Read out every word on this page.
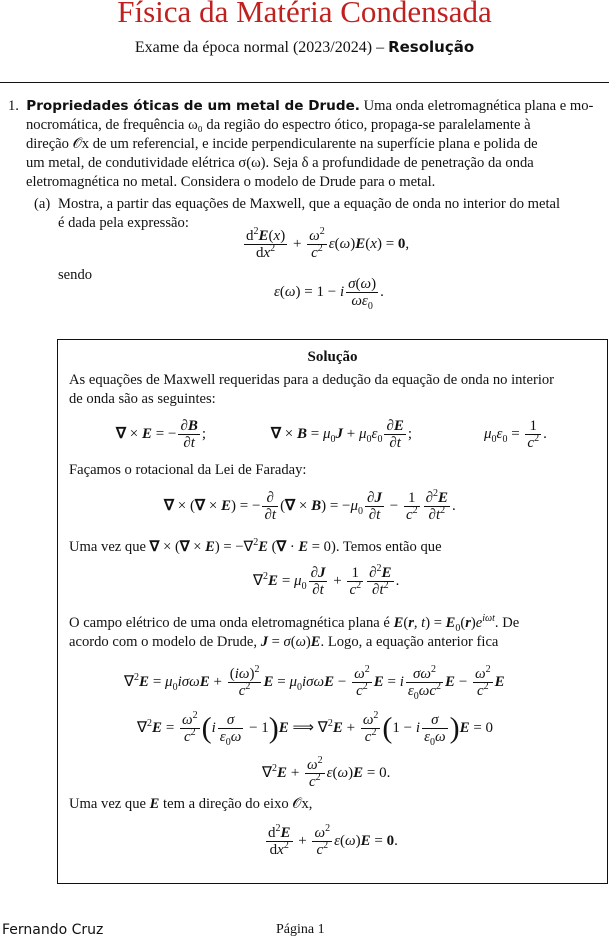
Física da Matéria Condensada
Exame da época normal (2023/2024) – Resolução
1. Propriedades óticas de um metal de Drude. Uma onda eletromagnética plana e mo-
nocromática, de frequência ω₀ da região do espectro ótico, propaga-se paralelamente à
direção 𝒪x de um referencial, e incide perpendicularente na superfície plana e polida de
um metal, de condutividade elétrica σ(ω). Seja δ a profundidade de penetração da onda
eletromagnética no metal. Considera o modelo de Drude para o metal.
(a) Mostra, a partir das equações de Maxwell, que a equação de onda no interior do metal
é dada pela expressão:
$\frac{d^2E(x)}{dx^2} + \frac{\omega^2}{c^2} \varepsilon(\omega)E(x) = 0$,
sendo
ε(ω) = 1 − i $\frac{\sigma(\omega)}{\omega\varepsilon_0}$ .
Solução
As equações de Maxwell requeridas para a dedução da equação de onda no interior
de onda são as seguintes:
∇ × E = − $\frac{\partial B}{\partial t}$ ;	∇ × $B = \mu_0J + \mu_0\varepsilon_0 \frac{\partial E}{\partial t}$ ;	$\mu_0\varepsilon_0 = \frac{1}{c^2}$ .
Façamos o rotacional da Lei de Faraday:
∇ × (∇ × E) = − $\frac{\partial}{\partial t}$ (∇ × $B) = -\mu_0 \frac{\partial J}{\partial t} - \frac{1}{c^2} \frac{\partial^2E}{\partial t^2}$ .
Uma vez que ∇ × (∇ × E) = −∇$^2$E (∇ · E = 0). Temos então que
$\nabla^2E = \mu_0 \frac{\partial J}{\partial t} + \frac{1}{c^2} \frac{\partial^2E}{\partial t^2}$ .
O campo elétrico de uma onda eletromagnética plana é E(r, $t) = E_0(r)e^{i\omega t}$. De
acordo com o modelo de Drude, J = σ(ω)E. Logo, a equação anterior fica
$\nabla^2E = \mu_0i\sigma\omega E + \frac{(i\omega)^2}{c^2}$ $E = \mu_0i\sigma\omega E - \frac{\omega^2}{c^2}$ E = i $\frac{\sigma\omega^2}{\varepsilon_0\omega c^2}$ $E - \frac{\omega^2}{c^2}$ E
$\nabla^2E = \frac{\omega^2}{c^2} (i \frac{\sigma}{\varepsilon_0\omega} - 1)E$ ⟹ $\nabla^2E + \frac{\omega^2}{c^2} (1 - i \frac{\sigma}{\varepsilon_0\omega} )E = 0$
$\nabla^2E + \frac{\omega^2}{c^2} \varepsilon(\omega)E = 0$.
Uma vez que E tem a direção do eixo 𝒪x,
$\frac{d^2E}{dx^2} + \frac{\omega^2}{c^2} \varepsilon(\omega)E = 0$.
Fernando Cruz	Página 1
